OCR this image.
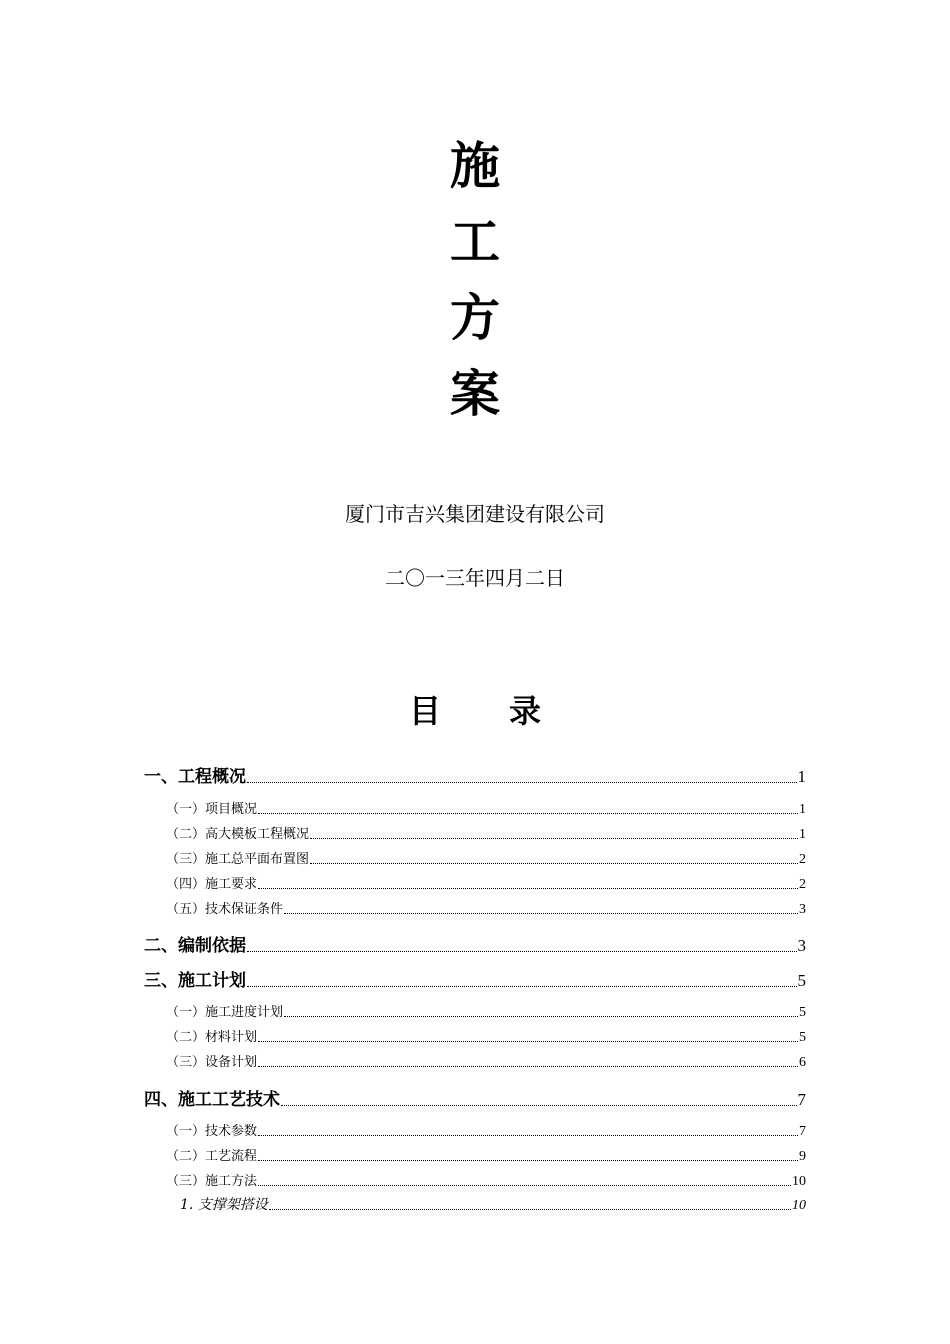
施
工
方
案
厦门市吉兴集团建设有限公司
二〇一三年四月二日
目录
一、工程概况	1
（一）项目概况	1
（二）高大模板工程概况	1
（三）施工总平面布置图	2
（四）施工要求	2
（五）技术保证条件	3
二、编制依据	3
三、施工计划	5
（一）施工进度计划	5
（二）材料计划	5
（三）设备计划	6
四、施工工艺技术	7
（一）技术参数	7
（二）工艺流程	9
（三）施工方法	10
1. 支撑架搭设	10
